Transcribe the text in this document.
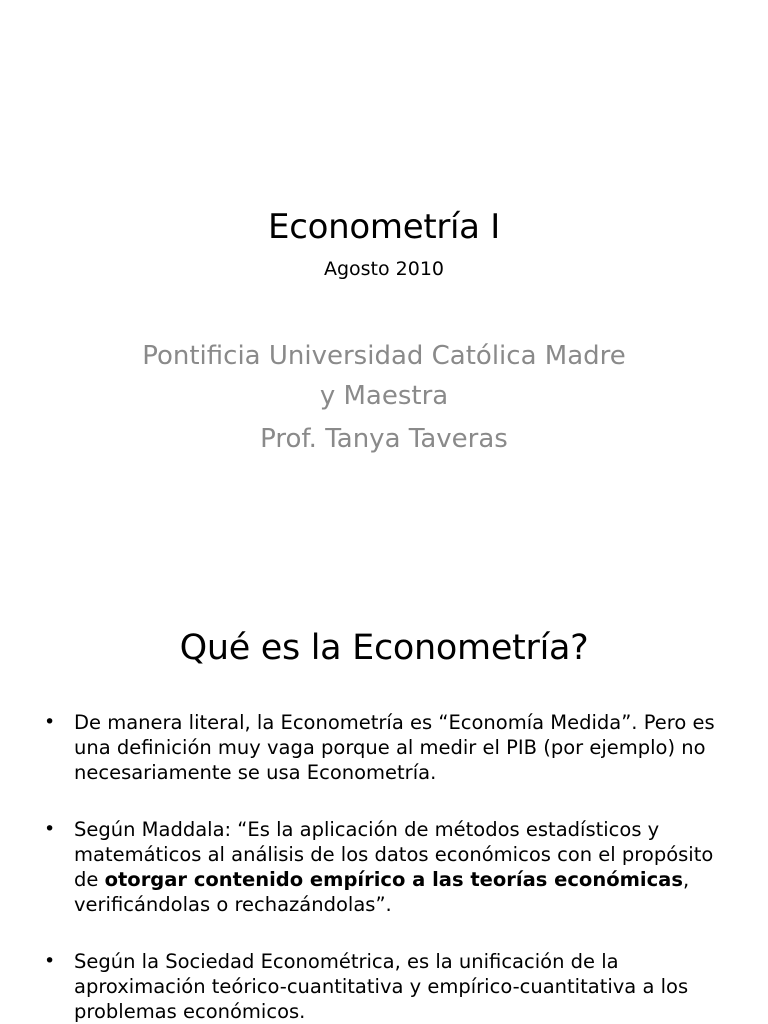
Econometría I
Agosto 2010
Pontificia Universidad Católica Madre
y Maestra
Prof. Tanya Taveras
Qué es la Econometría?
• De manera literal, la Econometría es “Economía Medida”. Pero es una definición muy vaga porque al medir el PIB (por ejemplo) no necesariamente se usa Econometría.
• Según Maddala: “Es la aplicación de métodos estadísticos y matemáticos al análisis de los datos económicos con el propósito de otorgar contenido empírico a las teorías económicas, verificándolas o rechazándolas”.
• Según la Sociedad Econométrica, es la unificación de la aproximación teórico-cuantitativa y empírico-cuantitativa a los problemas económicos.
